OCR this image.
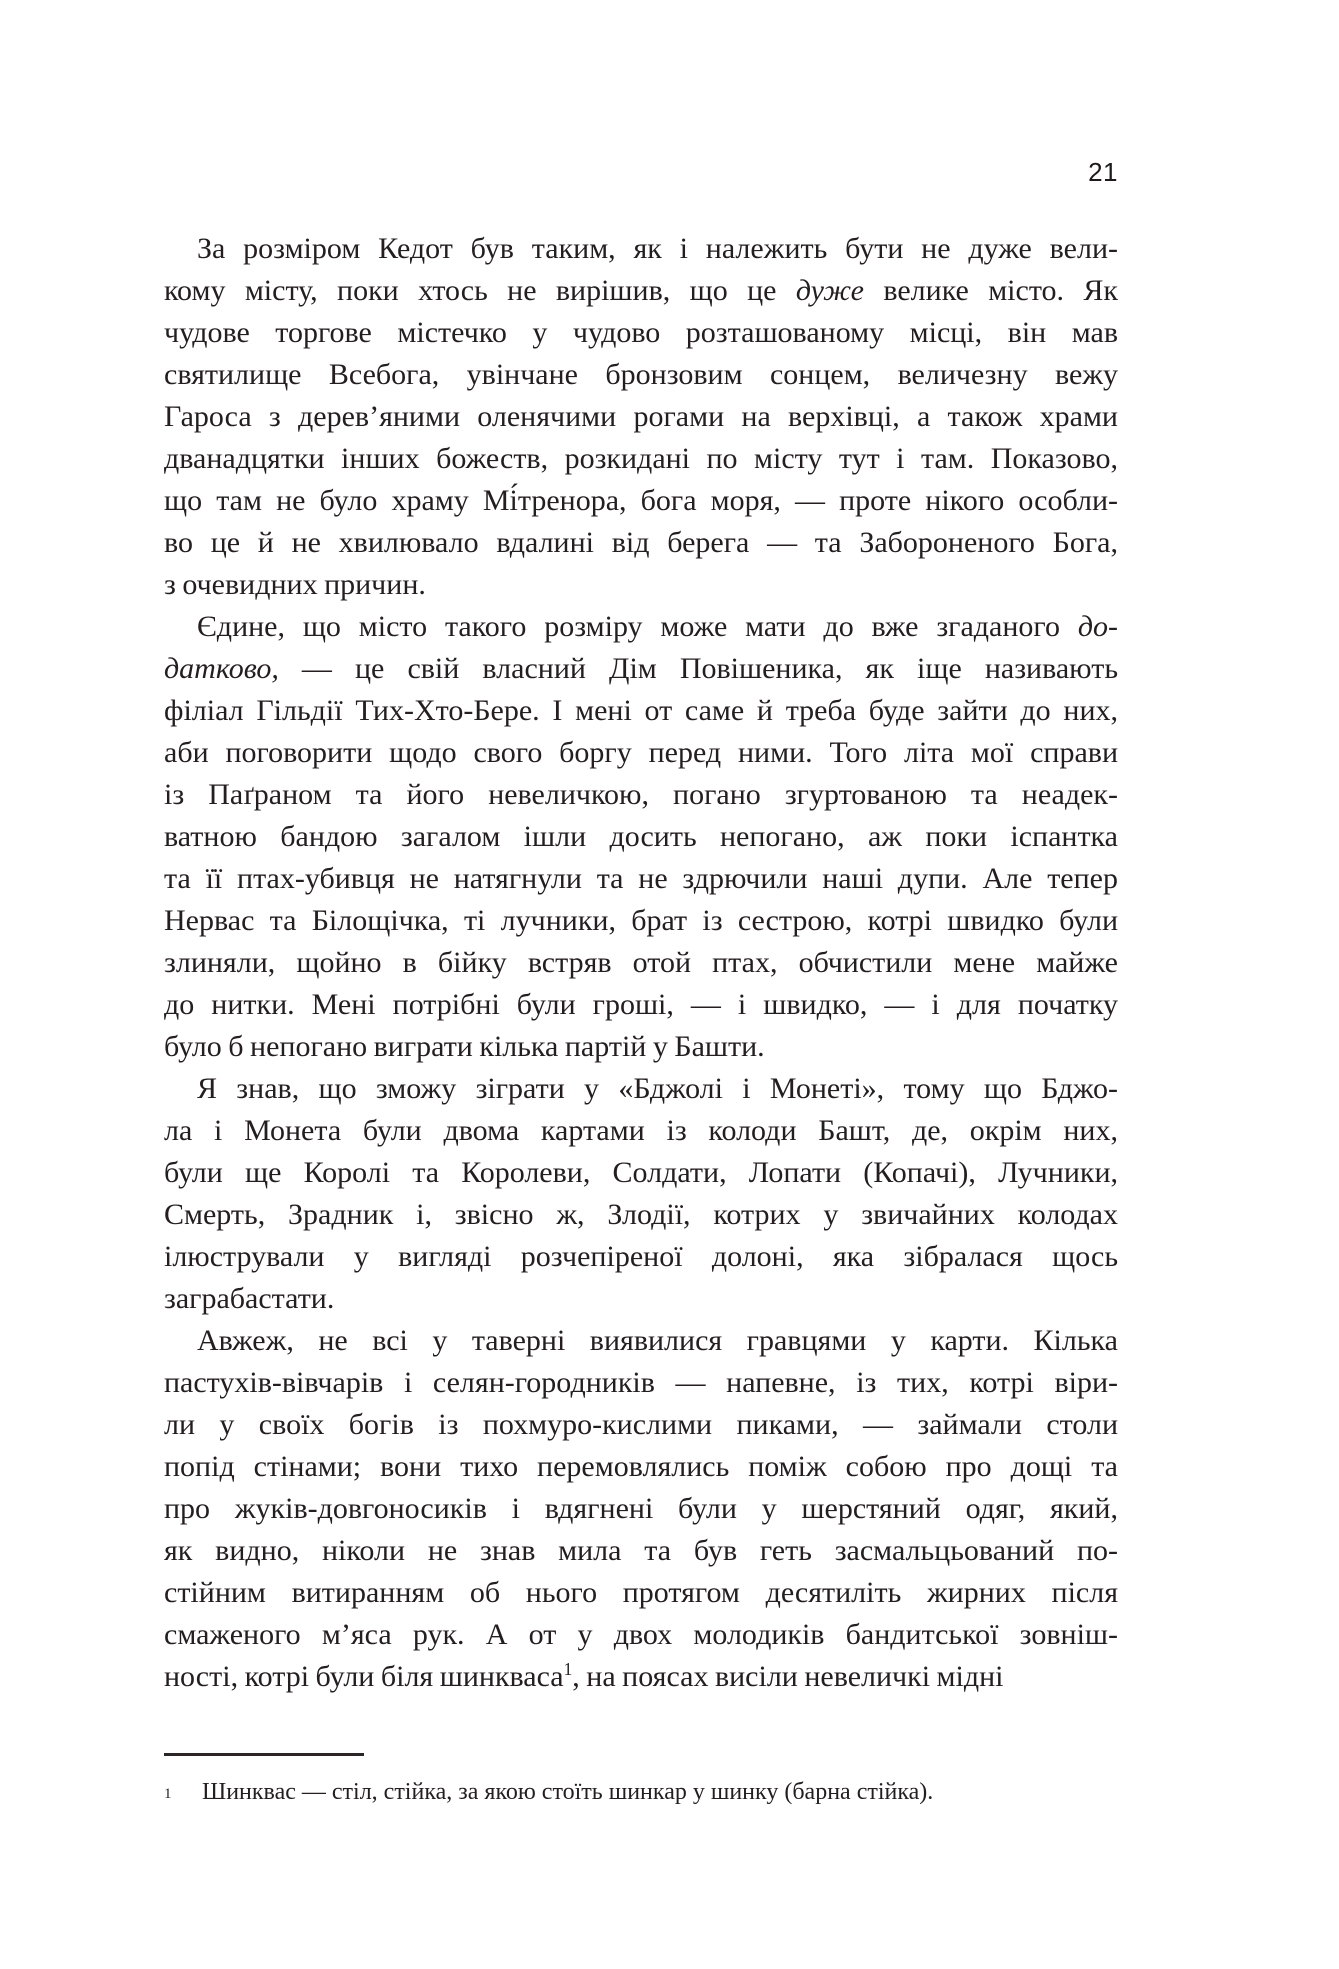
21
За розміром Кедот був таким, як і належить бути не дуже вели-
кому місту, поки хтось не вирішив, що це дуже велике місто. Як
чудове торгове містечко у чудово розташованому місці, він мав
святилище Всебога, увінчане бронзовим сонцем, величезну вежу
Гароса з дерев’яними оленячими рогами на верхівці, а також храми
дванадцятки інших божеств, розкидані по місту тут і там. Показово,
що там не було храму Мі́тренора, бога моря, — проте нікого особли-
во це й не хвилювало вдалині від берега — та Забороненого Бога,
з очевидних причин.
Єдине, що місто такого розміру може мати до вже згаданого до-
датково, — це свій власний Дім Повішеника, як іще називають
філіал Гільдії Тих-Хто-Бере. І мені от саме й треба буде зайти до них,
аби поговорити щодо свого боргу перед ними. Того літа мої справи
із Паґраном та його невеличкою, погано згуртованою та неадек-
ватною бандою загалом ішли досить непогано, аж поки іспантка
та її птах-убивця не натягнули та не здрючили наші дупи. Але тепер
Нервас та Білощічка, ті лучники, брат із сестрою, котрі швидко були
злиняли, щойно в бійку встряв отой птах, обчистили мене майже
до нитки. Мені потрібні були гроші, — і швидко, — і для початку
було б непогано виграти кілька партій у Башти.
Я знав, що зможу зіграти у «Бджолі і Монеті», тому що Бджо-
ла і Монета були двома картами із колоди Башт, де, окрім них,
були ще Королі та Королеви, Солдати, Лопати (Копачі), Лучники,
Смерть, Зрадник і, звісно ж, Злодії, котрих у звичайних колодах
ілюстрували у вигляді розчепіреної долоні, яка зібралася щось
заграбастати.
Авжеж, не всі у таверні виявилися гравцями у карти. Кілька
пастухів-вівчарів і селян-городників — напевне, із тих, котрі віри-
ли у своїх богів із похмуро-кислими пиками, — займали столи
попід стінами; вони тихо перемовлялись поміж собою про дощі та
про жуків-довгоносиків і вдягнені були у шерстяний одяг, який,
як видно, ніколи не знав мила та був геть засмальцьований по-
стійним витиранням об нього протягом десятиліть жирних після
смаженого м’яса рук. А от у двох молодиків бандитської зовніш-
ності, котрі були біля шинкваса$^1$, на поясах висіли невеличкі мідні
1	Шинквас — стіл, стійка, за якою стоїть шинкар у шинку (барна стійка).
